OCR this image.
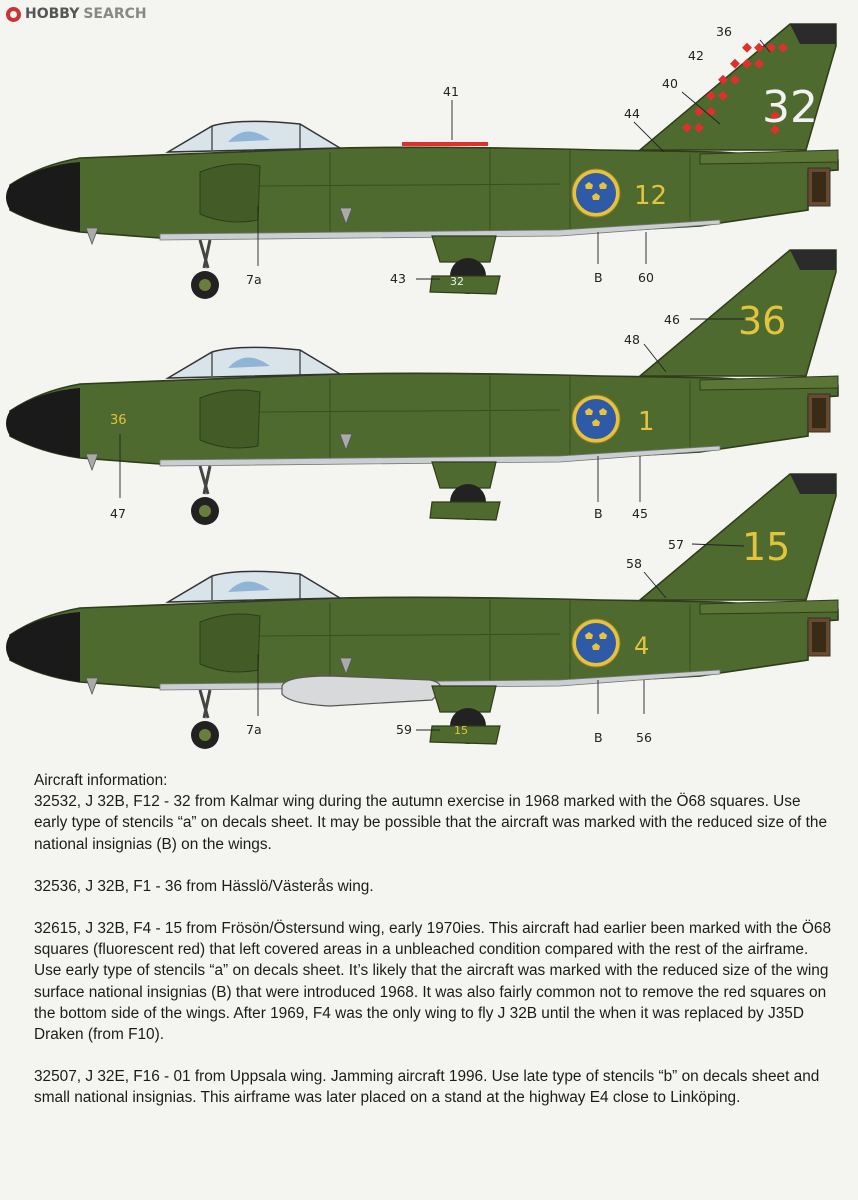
HOBBY SEARCH
32
12
32
36
42
40
44
41
7a	43	B	60
36
1
36
46
48
47	B 45
15
4
15
57
58
7a	59
B	56

Aircraft information:

32532, J 32B, F12 - 32 from Kalmar wing during the autumn exercise in 1968 marked with the Ö68 squares. Use early type of stencils “a” on decals sheet. It may be possible that the aircraft was marked with the reduced size of the national insignias (B) on the wings.

32536, J 32B, F1 - 36 from Hässlö/Västerås wing.

32615, J 32B, F4 - 15 from Frösön/Östersund wing, early 1970ies. This aircraft had earlier been marked with the Ö68 squares (fluorescent red) that left covered areas in a unbleached condition compared with the rest of the airframe. Use early type of stencils “a” on decals sheet. It’s likely that the aircraft was marked with the reduced size of the wing surface national insignias (B) that were introduced 1968. It was also fairly common not to remove the red squares on the bottom side of the wings. After 1969, F4 was the only wing to fly J 32B until the when it was replaced by J35D Draken (from F10).

32507, J 32E, F16 - 01 from Uppsala wing. Jamming aircraft 1996. Use late type of stencils “b” on decals sheet and small national insignias. This airframe was later placed on a stand at the highway E4 close to Linköping.
